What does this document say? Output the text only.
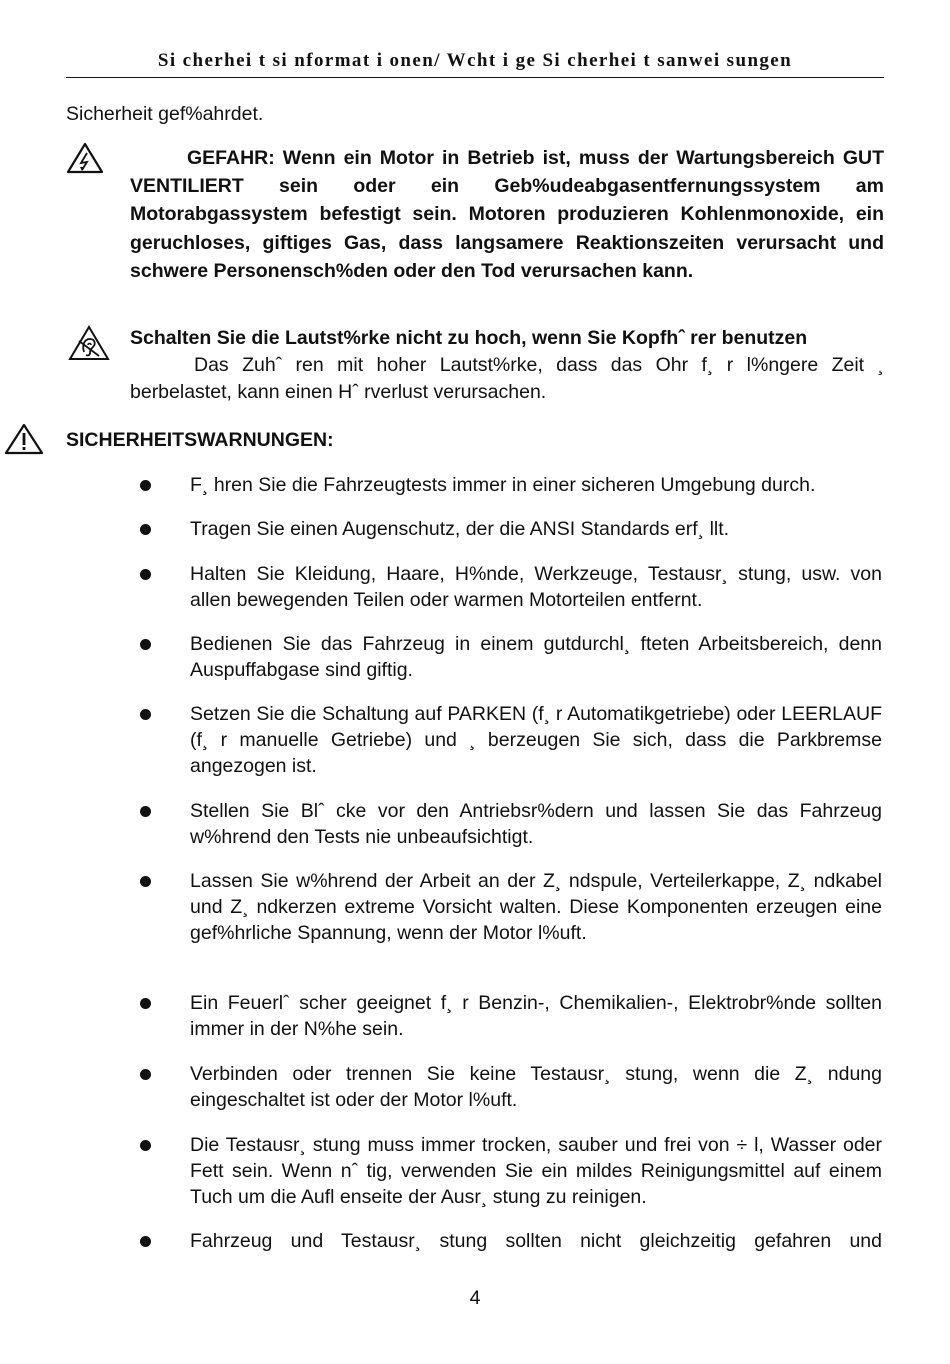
Si cherhei t si nformat i onen/ Wcht i ge Si cherhei t sanwei sungen
Sicherheit gef%ahrdet.
GEFAHR: Wenn ein Motor in Betrieb ist, muss der Wartungsbereich GUT VENTILIERT sein oder ein Geb%udeabgasentfernungssystem am Motorabgassystem befestigt sein. Motoren produzieren Kohlenmonoxide, ein geruchloses, giftiges Gas, dass langsamere Reaktionszeiten verursacht und schwere Personensch%den oder den Tod verursachen kann.
Schalten Sie die Lautst%rke nicht zu hoch, wenn Sie Kopfhˆ rer benutzen
Das Zuhˆ ren mit hoher Lautst%rke, dass das Ohr f¸ r l%ngere Zeit ¸ berbelastet, kann einen Hˆ rverlust verursachen.
SICHERHEITSWARNUNGEN:
F¸ hren Sie die Fahrzeugtests immer in einer sicheren Umgebung durch.
Tragen Sie einen Augenschutz, der die ANSI Standards erf¸ llt.
Halten Sie Kleidung, Haare, H%nde, Werkzeuge, Testausr¸ stung, usw. von allen bewegenden Teilen oder warmen Motorteilen entfernt.
Bedienen Sie das Fahrzeug in einem gutdurchl¸ fteten Arbeitsbereich, denn Auspuffabgase sind giftig.
Setzen Sie die Schaltung auf PARKEN (f¸ r Automatikgetriebe) oder LEERLAUF (f¸ r manuelle Getriebe) und ¸ berzeugen Sie sich, dass die Parkbremse angezogen ist.
Stellen Sie Blˆ cke vor den Antriebsr%dern und lassen Sie das Fahrzeug w%hrend den Tests nie unbeaufsichtigt.
Lassen Sie w%hrend der Arbeit an der Z¸ ndspule, Verteilerkappe, Z¸ ndkabel und Z¸ ndkerzen extreme Vorsicht walten. Diese Komponenten erzeugen eine gef%hrliche Spannung, wenn der Motor l%uft.
Ein Feuerlˆ scher geeignet f¸ r Benzin-, Chemikalien-, Elektrobr%nde sollten immer in der N%he sein.
Verbinden oder trennen Sie keine Testausr¸ stung, wenn die Z¸ ndung eingeschaltet ist oder der Motor l%uft.
Die Testausr¸ stung muss immer trocken, sauber und frei von ÷ l, Wasser oder Fett sein. Wenn nˆ tig, verwenden Sie ein mildes Reinigungsmittel auf einem Tuch um die Aufl enseite der Ausr¸ stung zu reinigen.
Fahrzeug und Testausr¸ stung sollten nicht gleichzeitig gefahren und
4
